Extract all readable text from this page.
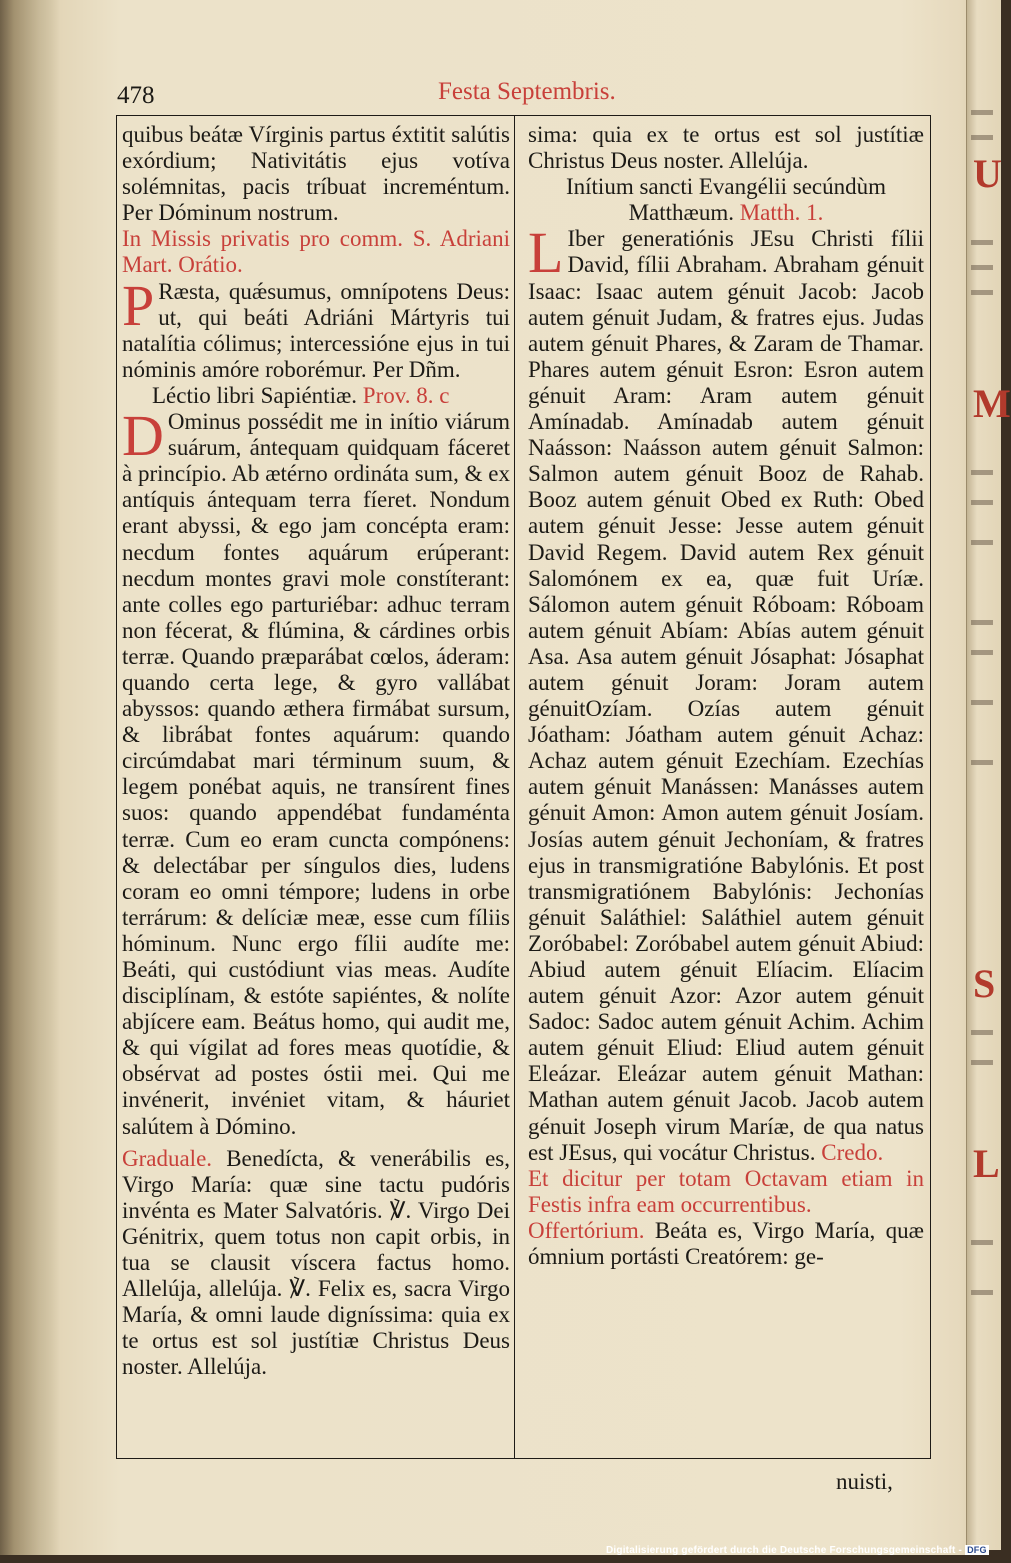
U
M
S
L
478	Festa Septembris.

quibus beátæ Vírginis partus éxtitit salútis exórdium; Nativitátis ejus votíva solémnitas, pacis tríbuat increméntum. Per Dóminum nostrum.

In Missis privatis pro comm. S. Adriani Mart. Orátio.

P Ræsta, quǽsumus, omnípotens Deus: ut, qui beáti Adriáni Mártyris tui natalítia cólimus; intercessióne ejus in tui nóminis amóre roborémur. Per Dñm.

Léctio libri Sapiéntiæ. Prov. 8. c

D Ominus possédit me in inítio viárum suárum, ántequam quidquam fáceret à princípio. Ab ætérno ordináta sum, & ex antíquis ántequam terra fíeret. Nondum erant abyssi, & ego jam concépta eram: necdum fontes aquárum erúperant: necdum montes gravi mole constíterant: ante colles ego parturiébar: adhuc terram non fécerat, & flúmina, & cárdines orbis terræ. Quando præparábat cœlos, áderam: quando certa lege, & gyro vallábat abyssos: quando æthera firmábat sursum, & librábat fontes aquárum: quando circúmdabat mari términum suum, & legem ponébat aquis, ne transírent fines suos: quando appendébat fundaménta terræ. Cum eo eram cuncta compónens: & delectábar per síngulos dies, ludens coram eo omni témpore; ludens in orbe terrárum: & delíciæ meæ, esse cum fíliis hóminum. Nunc ergo fílii audíte me: Beáti, qui custódiunt vias meas. Audíte disciplínam, & estóte sapiéntes, & nolíte abjícere eam. Beátus homo, qui audit me, & qui vígilat ad fores meas quotídie, & obsérvat ad postes óstii mei. Qui me invénerit, invéniet vitam, & háuriet salútem à Dómino.

Graduale. Benedícta, & venerábilis es, Virgo María: quæ sine tactu pudóris invénta es Mater Salvatóris. ℣. Virgo Dei Génitrix, quem totus non capit orbis, in tua se clausit víscera factus homo. Allelúja, allelúja. ℣. Felix es, sacra Virgo María, & omni laude digníssima: quia ex te ortus est sol justítiæ Christus Deus noster. Allelúja.

sima: quia ex te ortus est sol justítiæ Christus Deus noster. Allelúja.

Inítium sancti Evangélii secúndùm Matthæum. Matth. 1.

L Iber generatiónis JEsu Christi fílii David, fílii Abraham. Abraham génuit Isaac: Isaac autem génuit Jacob: Jacob autem génuit Judam, & fratres ejus. Judas autem génuit Phares, & Zaram de Thamar. Phares autem génuit Esron: Esron autem génuit Aram: Aram autem génuit Amínadab. Amínadab autem génuit Naásson: Naásson autem génuit Salmon: Salmon autem génuit Booz de Rahab. Booz autem génuit Obed ex Ruth: Obed autem génuit Jesse: Jesse autem génuit David Regem. David autem Rex génuit Salomónem ex ea, quæ fuit Uríæ. Sálomon autem génuit Róboam: Róboam autem génuit Abíam: Abías autem génuit Asa. Asa autem génuit Jósaphat: Jósaphat autem génuit Joram: Joram autem génuitOzíam. Ozías autem génuit Jóatham: Jóatham autem génuit Achaz: Achaz autem génuit Ezechíam. Ezechías autem génuit Manássen: Manásses autem génuit Amon: Amon autem génuit Josíam. Josías autem génuit Jechoníam, & fratres ejus in transmigratióne Babylónis. Et post transmigratiónem Babylónis: Jechonías génuit Saláthiel: Saláthiel autem génuit Zoróbabel: Zoróbabel autem génuit Abiud: Abiud autem génuit Elíacim. Elíacim autem génuit Azor: Azor autem génuit Sadoc: Sadoc autem génuit Achim. Achim autem génuit Eliud: Eliud autem génuit Eleázar. Eleázar autem génuit Mathan: Mathan autem génuit Jacob. Jacob autem génuit Joseph virum Maríæ, de qua natus est JEsus, qui vocátur Christus. Credo.

Et dicitur per totam Octavam etiam in Festis infra eam occurrentibus.

Offertórium. Beáta es, Virgo María, quæ ómnium portásti Creatórem: ge-

nuisti,
Digitalisierung gefördert durch die Deutsche Forschungsgemeinschaft - DFG
